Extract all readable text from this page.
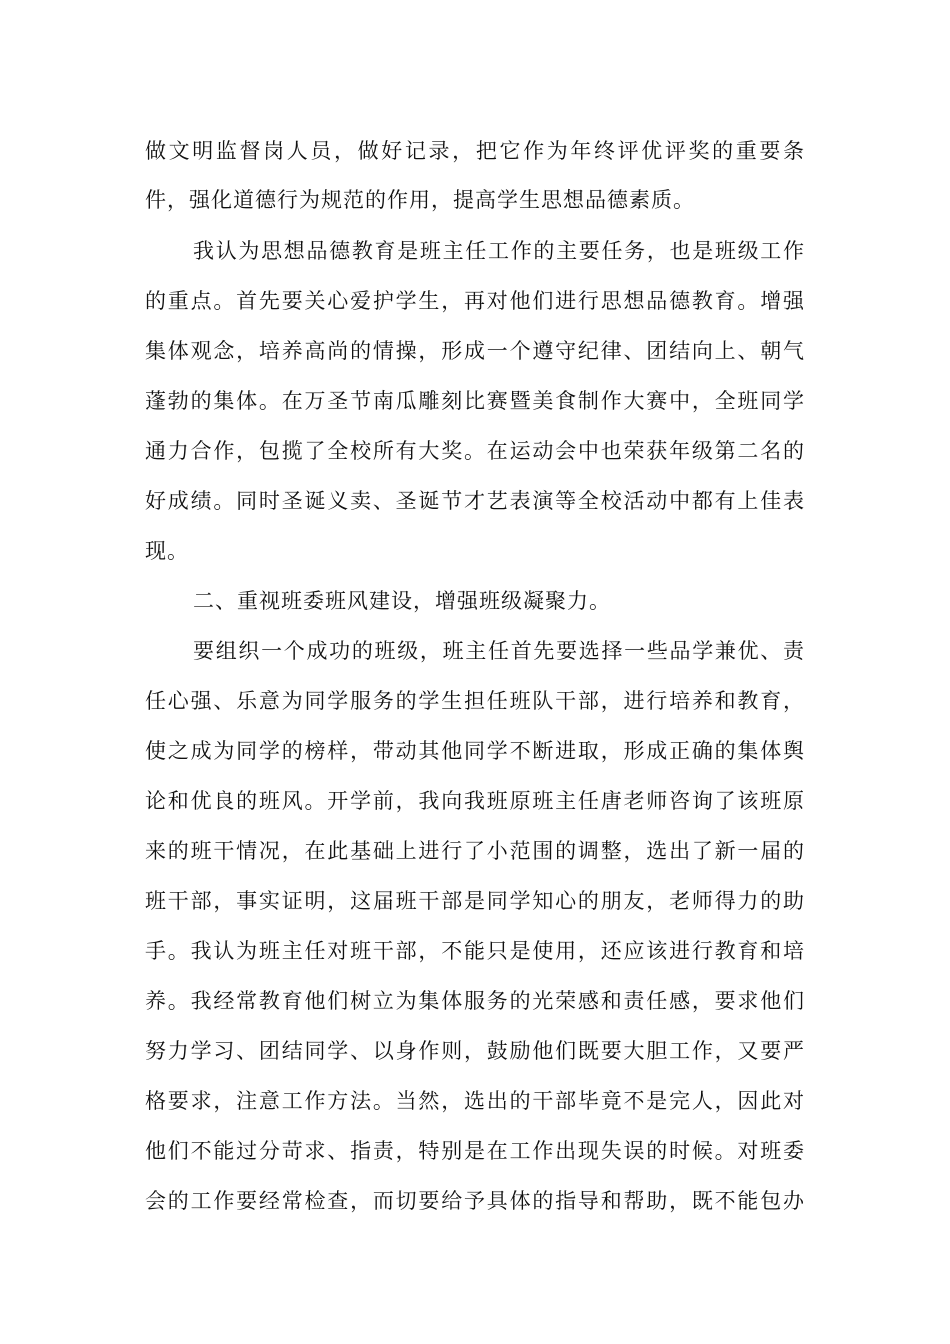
做文明监督岗人员，做好记录，把它作为年终评优评奖的重要条
件，强化道德行为规范的作用，提高学生思想品德素质。
我认为思想品德教育是班主任工作的主要任务，也是班级工作
的重点。首先要关心爱护学生，再对他们进行思想品德教育。增强
集体观念，培养高尚的情操，形成一个遵守纪律、团结向上、朝气
蓬勃的集体。在万圣节南瓜雕刻比赛暨美食制作大赛中，全班同学
通力合作，包揽了全校所有大奖。在运动会中也荣获年级第二名的
好成绩。同时圣诞义卖、圣诞节才艺表演等全校活动中都有上佳表
现。
二、重视班委班风建设，增强班级凝聚力。
要组织一个成功的班级，班主任首先要选择一些品学兼优、责
任心强、乐意为同学服务的学生担任班队干部，进行培养和教育，
使之成为同学的榜样，带动其他同学不断进取，形成正确的集体舆
论和优良的班风。开学前，我向我班原班主任唐老师咨询了该班原
来的班干情况，在此基础上进行了小范围的调整，选出了新一届的
班干部，事实证明，这届班干部是同学知心的朋友，老师得力的助
手。我认为班主任对班干部，不能只是使用，还应该进行教育和培
养。我经常教育他们树立为集体服务的光荣感和责任感，要求他们
努力学习、团结同学、以身作则，鼓励他们既要大胆工作，又要严
格要求，注意工作方法。当然，选出的干部毕竟不是完人，因此对
他们不能过分苛求、指责，特别是在工作出现失误的时候。对班委
会的工作要经常检查，而切要给予具体的指导和帮助，既不能包办
